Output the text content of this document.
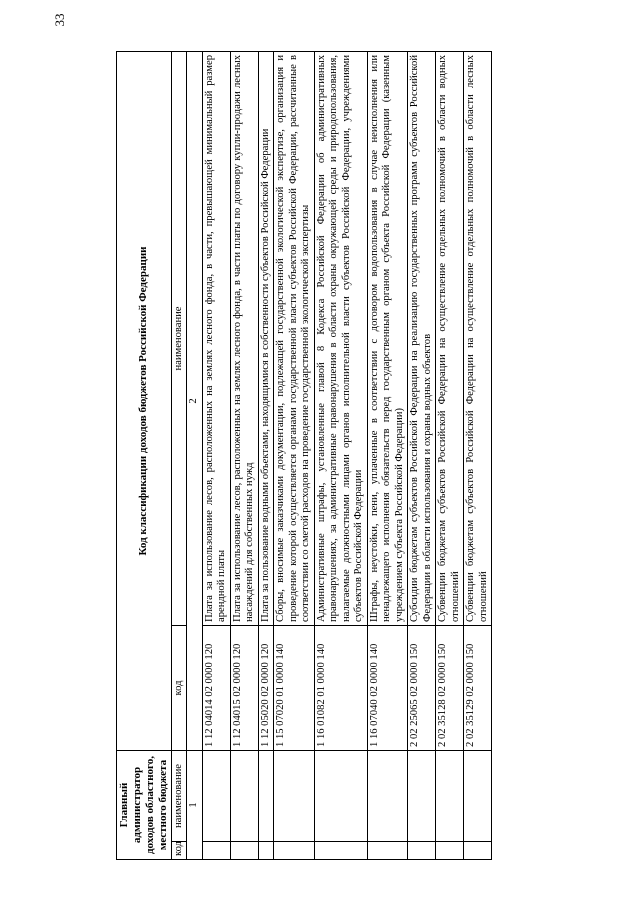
33
Главный администратор доходов областного, местного бюджета		Код классификации доходов бюджетов Российской Федерации	
код	наименование	код	наименование
1		2	
		1 12 04014 02 0000 120	Плата за использование лесов, расположенных на землях лесного фонда, в части, превышающей минимальный размер арендной платы
		1 12 04015 02 0000 120	Плата за использование лесов, расположенных на землях лесного фонда, в части платы по договору купли-продажи лесных насаждений для собственных нужд
		1 12 05020 02 0000 120	Плата за пользование водными объектами, находящимися в собственности субъектов Российской Федерации
		1 15 07020 01 0000 140	Сборы, вносимые заказчиками документации, подлежащей государственной экологической экспертизе, организация и проведение которой осуществляется органами государственной власти субъектов Российской Федерации, рассчитанные в соответствии со сметой расходов на проведение государственной экологической экспертизы
		1 16 01082 01 0000 140	Административные штрафы, установленные главой 8 Кодекса Российской Федерации об административных правонарушениях, за административные правонарушения в области охраны окружающей среды и природопользования, налагаемые должностными лицами органов исполнительной власти субъектов Российской Федерации, учреждениями субъектов Российской Федерации
		1 16 07040 02 0000 140	Штрафы, неустойки, пени, уплаченные в соответствии с договором водопользования в случае неисполнения или ненадлежащего исполнения обязательств перед государственным органом субъекта Российской Федерации (казенным учреждением субъекта Российской Федерации)
		2 02 25065 02 0000 150	Субсидии бюджетам субъектов Российской Федерации на реализацию государственных программ субъектов Российской Федерации в области использования и охраны водных объектов
		2 02 35128 02 0000 150	Субвенции бюджетам субъектов Российской Федерации на осуществление отдельных полномочий в области водных отношений
		2 02 35129 02 0000 150	Субвенции бюджетам субъектов Российской Федерации на осуществление отдельных полномочий в области лесных отношений
